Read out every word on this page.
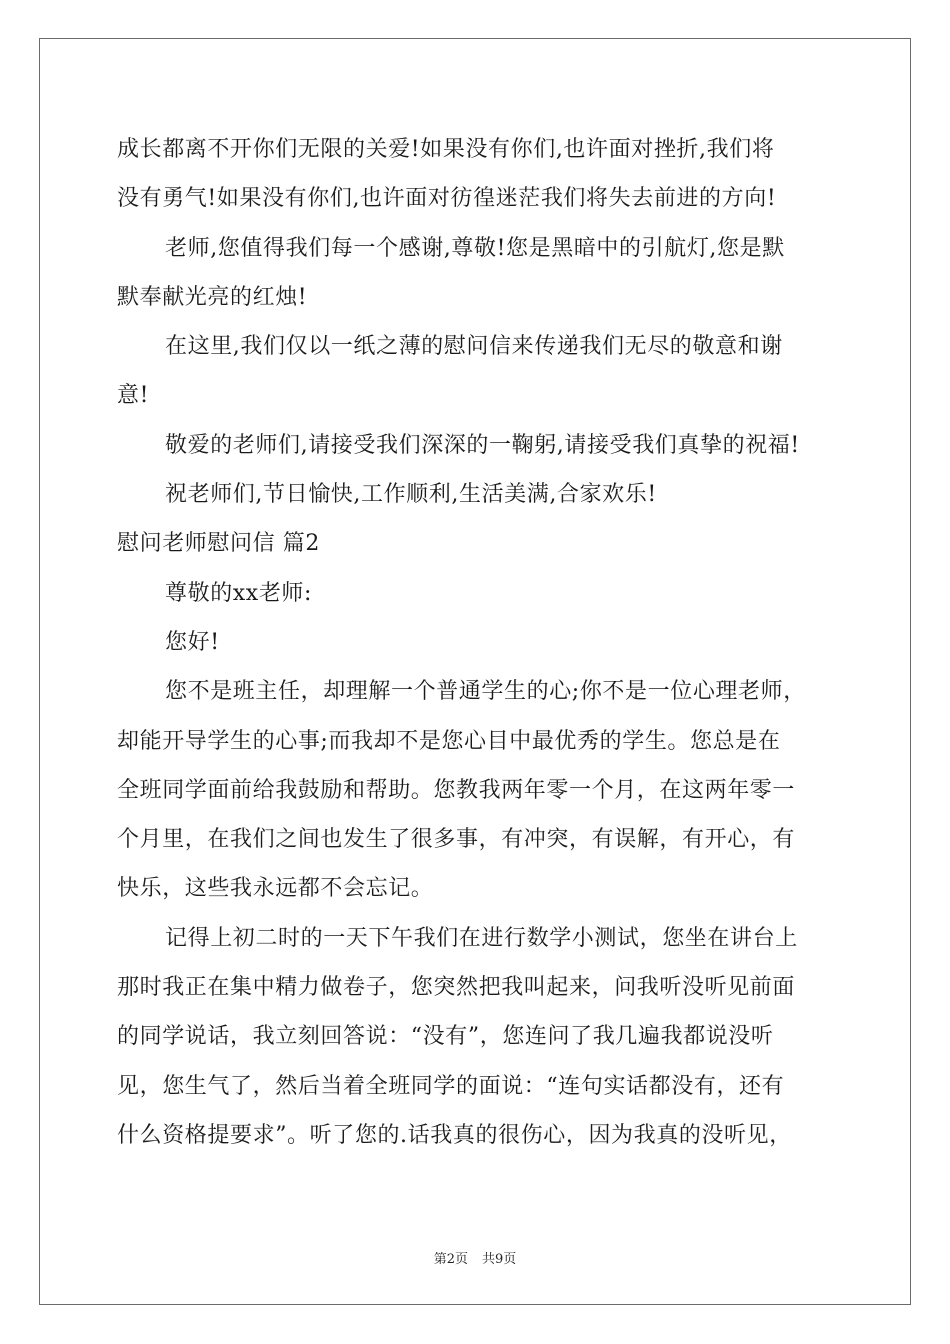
成长都离不开你们无限的关爱!如果没有你们,也许面对挫折,我们将
没有勇气!如果没有你们,也许面对彷徨迷茫我们将失去前进的方向!
老师,您值得我们每一个感谢,尊敬!您是黑暗中的引航灯,您是默
默奉献光亮的红烛!
在这里,我们仅以一纸之薄的慰问信来传递我们无尽的敬意和谢
意!
敬爱的老师们,请接受我们深深的一鞠躬,请接受我们真挚的祝福!
祝老师们,节日愉快,工作顺利,生活美满,合家欢乐!
慰问老师慰问信 篇2
尊敬的xx老师:
您好!
您不是班主任，却理解一个普通学生的心;你不是一位心理老师，
却能开导学生的心事;而我却不是您心目中最优秀的学生。您总是在
全班同学面前给我鼓励和帮助。您教我两年零一个月，在这两年零一
个月里，在我们之间也发生了很多事，有冲突，有误解，有开心，有
快乐，这些我永远都不会忘记。
记得上初二时的一天下午我们在进行数学小测试，您坐在讲台上
那时我正在集中精力做卷子，您突然把我叫起来，问我听没听见前面
的同学说话，我立刻回答说：“没有”，您连问了我几遍我都说没听
见，您生气了，然后当着全班同学的面说：“连句实话都没有，还有
什么资格提要求”。听了您的.话我真的很伤心，因为我真的没听见，
第2页 共9页
